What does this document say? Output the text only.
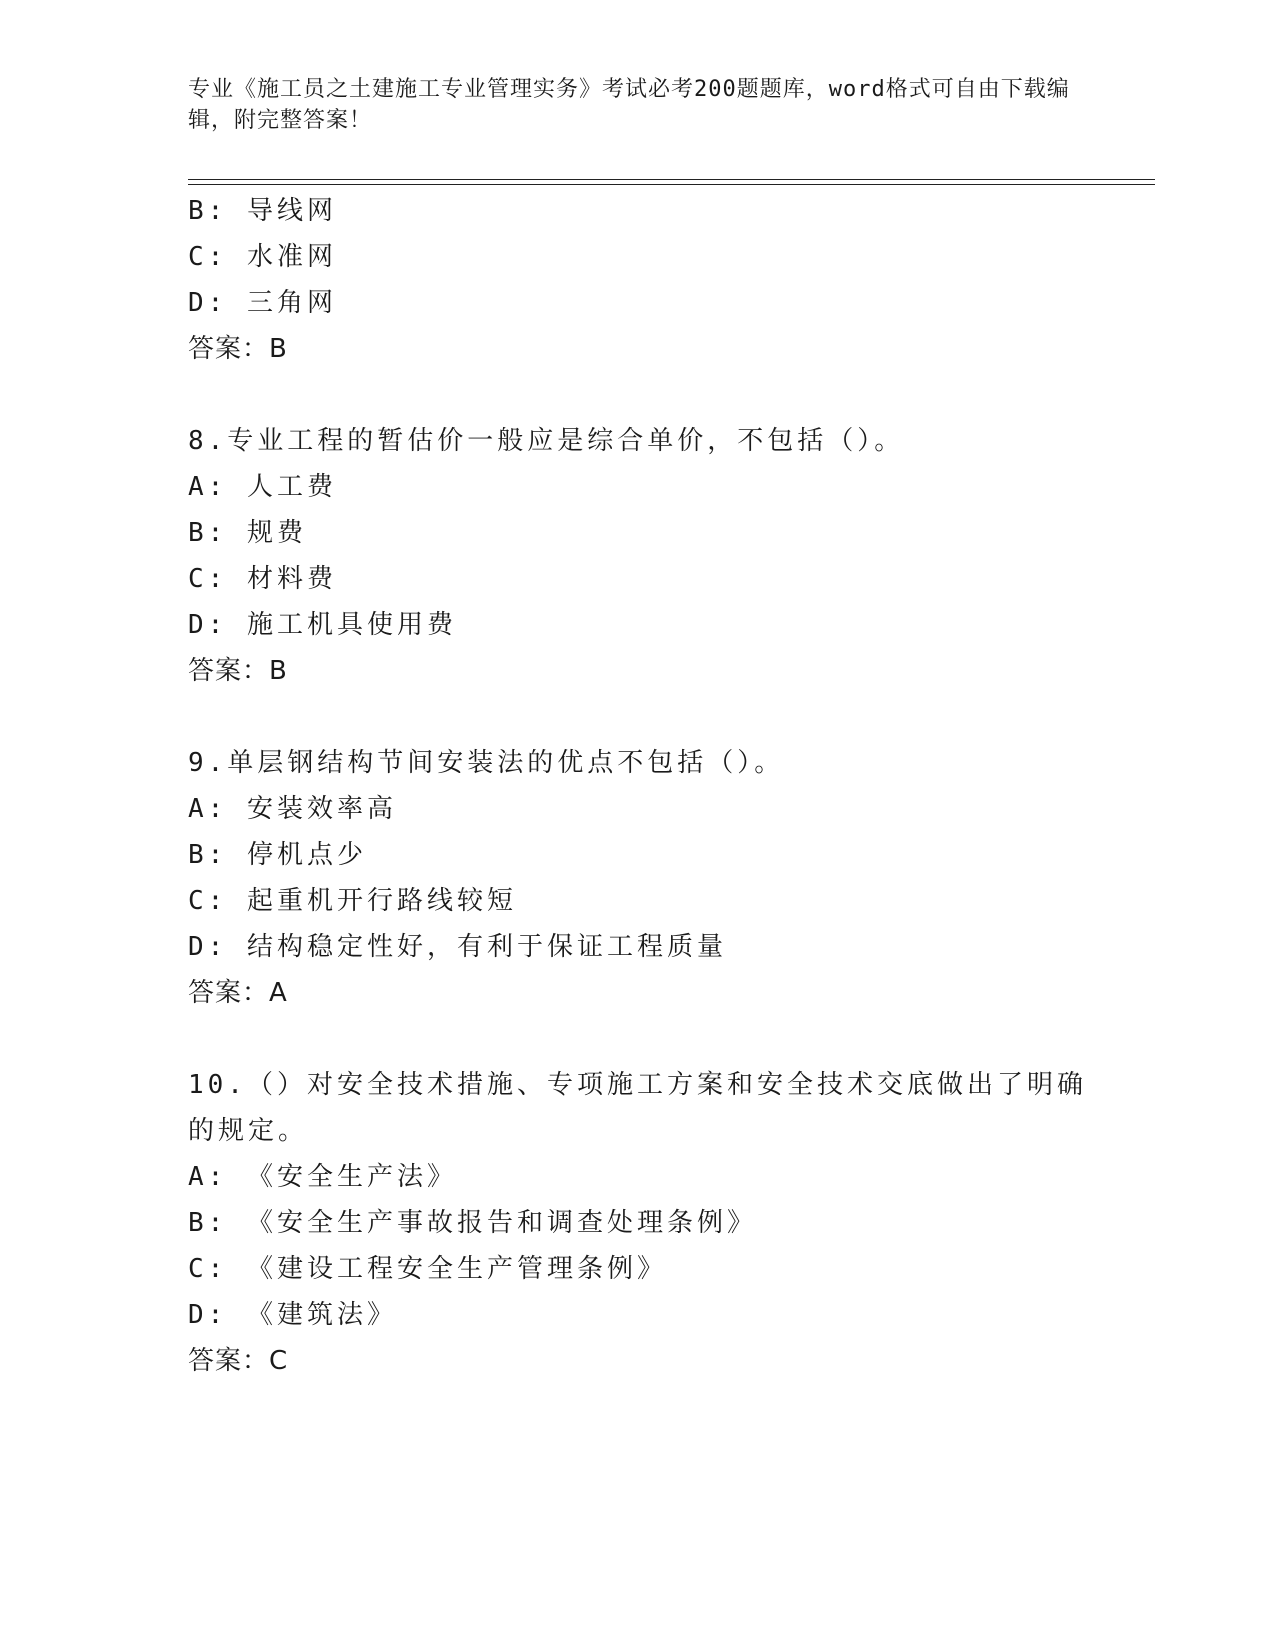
专业《施工员之土建施工专业管理实务》考试必考200题题库，word格式可自由下载编辑，附完整答案！
B: 导线网
C: 水准网
D: 三角网
答案：B
8.专业工程的暂估价一般应是综合单价，不包括（）。
A: 人工费
B: 规费
C: 材料费
D: 施工机具使用费
答案：B
9.单层钢结构节间安装法的优点不包括（）。
A: 安装效率高
B: 停机点少
C: 起重机开行路线较短
D: 结构稳定性好，有利于保证工程质量
答案：A
10.（）对安全技术措施、专项施工方案和安全技术交底做出了明确的规定。
A: 《安全生产法》
B: 《安全生产事故报告和调查处理条例》
C: 《建设工程安全生产管理条例》
D: 《建筑法》
答案：C
